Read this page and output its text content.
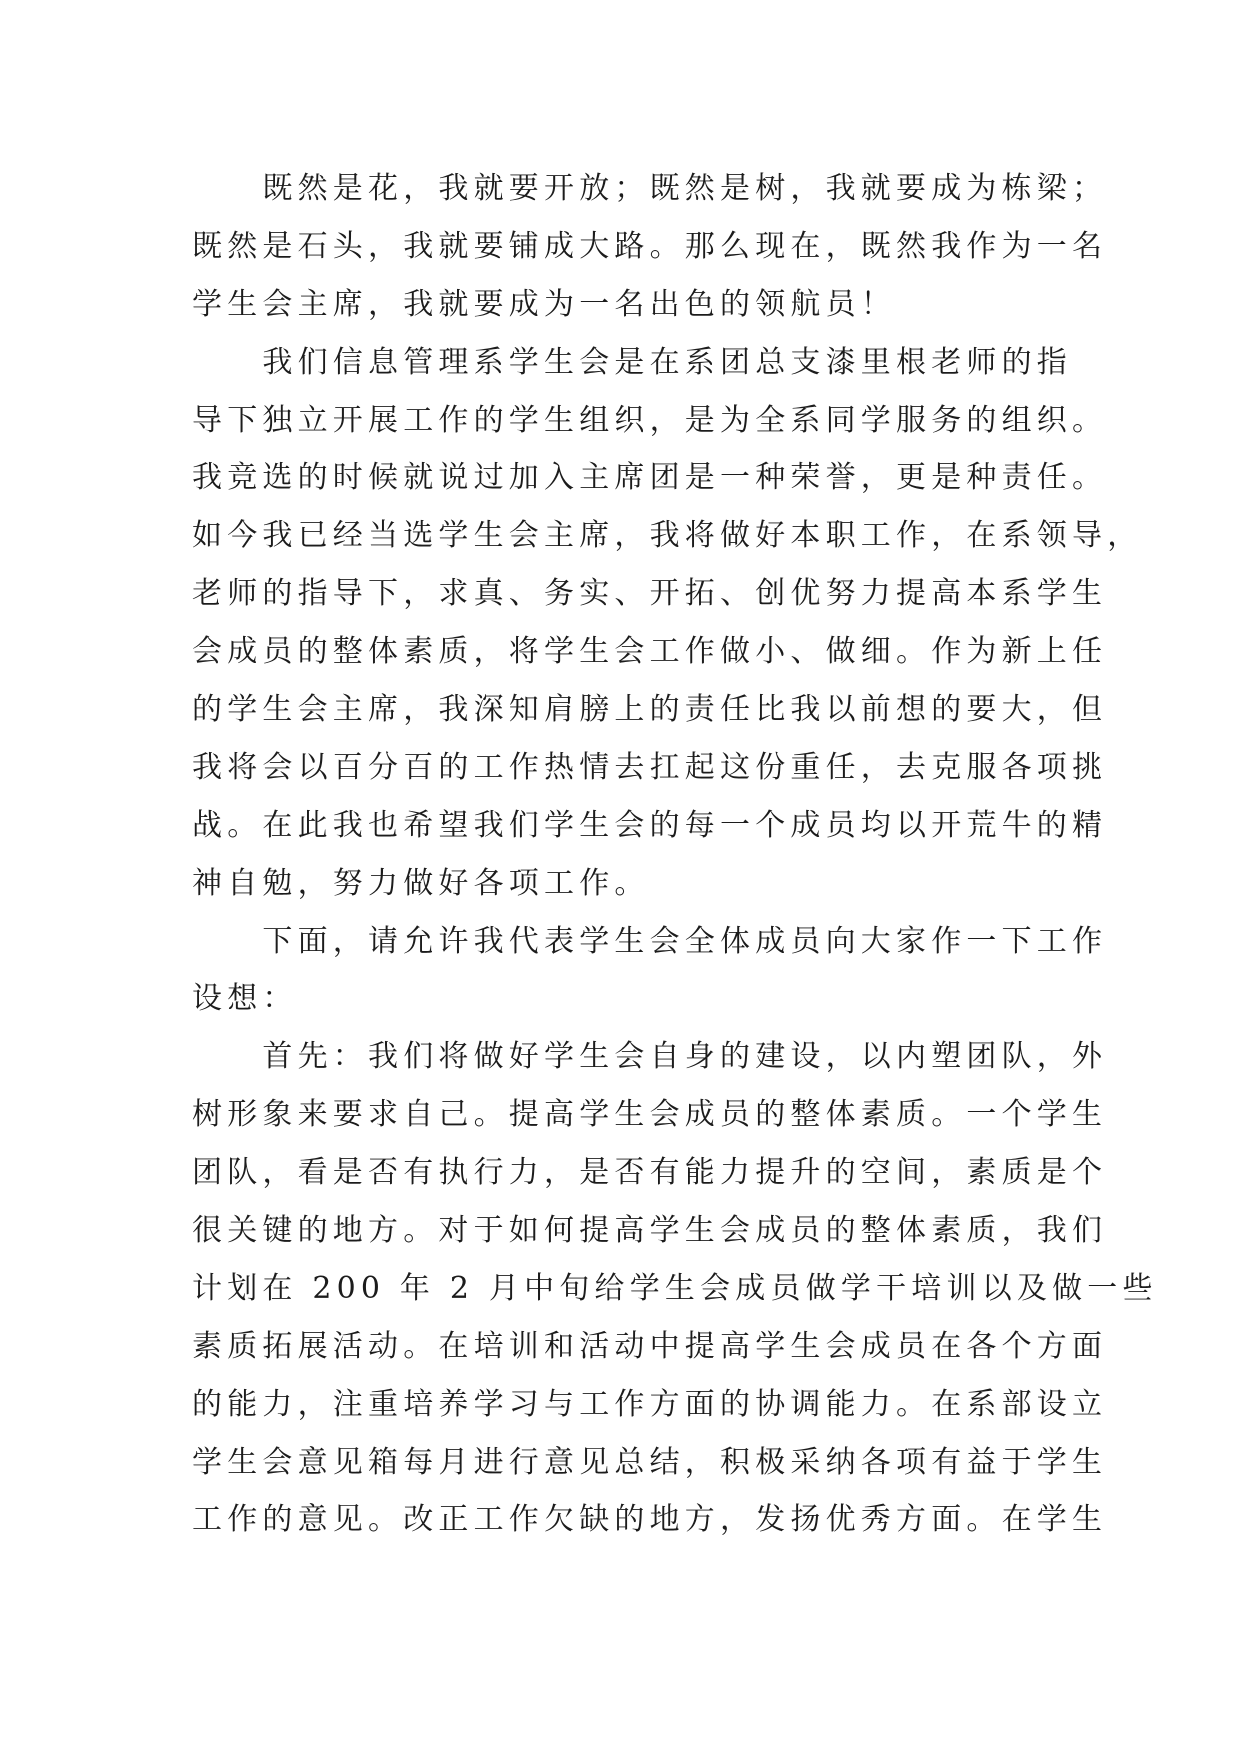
　　既然是花，我就要开放；既然是树，我就要成为栋梁；
既然是石头，我就要铺成大路。那么现在，既然我作为一名
学生会主席，我就要成为一名出色的领航员！
　　我们信息管理系学生会是在系团总支漆里根老师的指
导下独立开展工作的学生组织，是为全系同学服务的组织。
我竞选的时候就说过加入主席团是一种荣誉，更是种责任。
如今我已经当选学生会主席，我将做好本职工作，在系领导，
老师的指导下，求真、务实、开拓、创优努力提高本系学生
会成员的整体素质，将学生会工作做小、做细。作为新上任
的学生会主席，我深知肩膀上的责任比我以前想的要大，但
我将会以百分百的工作热情去扛起这份重任，去克服各项挑
战。在此我也希望我们学生会的每一个成员均以开荒牛的精
神自勉，努力做好各项工作。
　　下面，请允许我代表学生会全体成员向大家作一下工作
设想：
　　首先：我们将做好学生会自身的建设，以内塑团队，外
树形象来要求自己。提高学生会成员的整体素质。一个学生
团队，看是否有执行力，是否有能力提升的空间，素质是个
很关键的地方。对于如何提高学生会成员的整体素质，我们
计划在 200 年 2 月中旬给学生会成员做学干培训以及做一些
素质拓展活动。在培训和活动中提高学生会成员在各个方面
的能力，注重培养学习与工作方面的协调能力。在系部设立
学生会意见箱每月进行意见总结，积极采纳各项有益于学生
工作的意见。改正工作欠缺的地方，发扬优秀方面。在学生
